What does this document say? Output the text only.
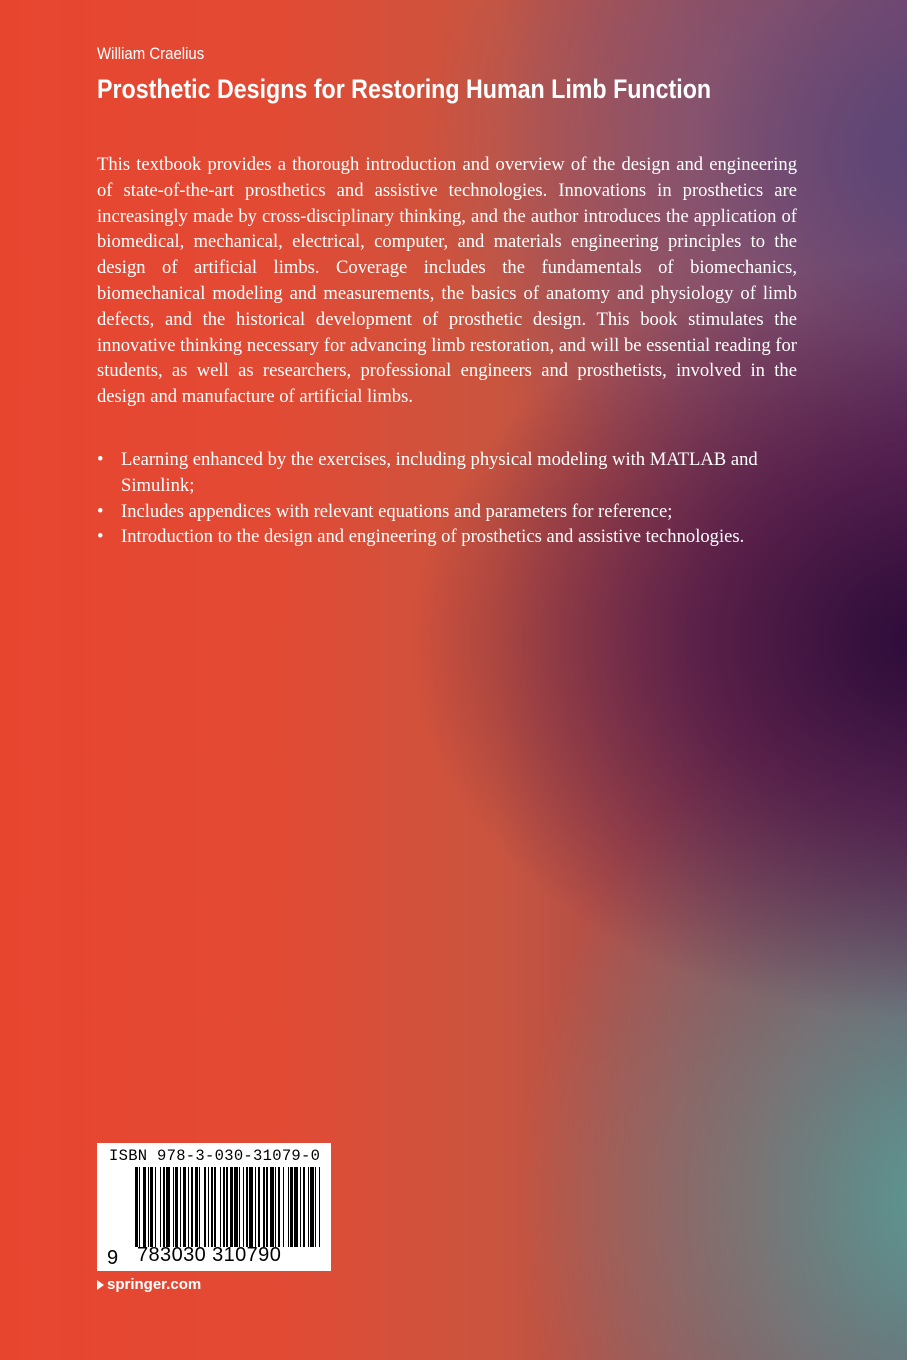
William Craelius
Prosthetic Designs for Restoring Human Limb Function

This textbook provides a thorough introduction and overview of the design and engineering of state-of-the-art prosthetics and assistive technologies. Innovations in prosthetics are increasingly made by cross-disciplinary thinking, and the author introduces the application of biomedical, mechanical, electrical, computer, and materials engineering principles to the design of artificial limbs. Coverage includes the fundamentals of biomechanics, biomechanical modeling and measurements, the basics of anatomy and physiology of limb defects, and the historical development of prosthetic design. This book stimulates the innovative thinking necessary for advancing limb restoration, and will be essential reading for students, as well as researchers, professional engineers and prosthetists, involved in the design and manufacture of artificial limbs.

• Learning enhanced by the exercises, including physical modeling with MATLAB and Simulink;
• Includes appendices with relevant equations and parameters for reference;
• Introduction to the design and engineering of prosthetics and assistive technologies.
ISBN 978-3-030-31079-0
9 783030 310790
springer.com
